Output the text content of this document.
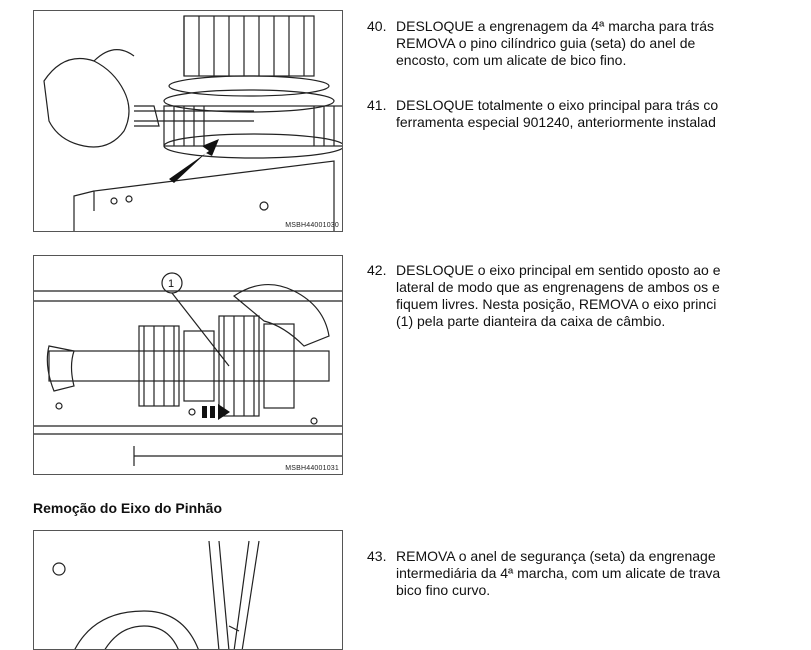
MSBH44001030
1
MSBH44001031
Remoção do Eixo do Pinhão
40. DESLOQUE a engrenagem da 4ª marcha para trás
REMOVA o pino cilíndrico guia (seta) do anel de
encosto, com um alicate de bico fino.
41. DESLOQUE totalmente o eixo principal para trás co
ferramenta especial 901240, anteriormente instalad
42. DESLOQUE o eixo principal em sentido oposto ao e
lateral de modo que as engrenagens de ambos os e
fiquem livres. Nesta posição, REMOVA o eixo princi
(1) pela parte dianteira da caixa de câmbio.
43. REMOVA o anel de segurança (seta) da engrenage
intermediária da 4ª marcha, com um alicate de trava
bico fino curvo.
